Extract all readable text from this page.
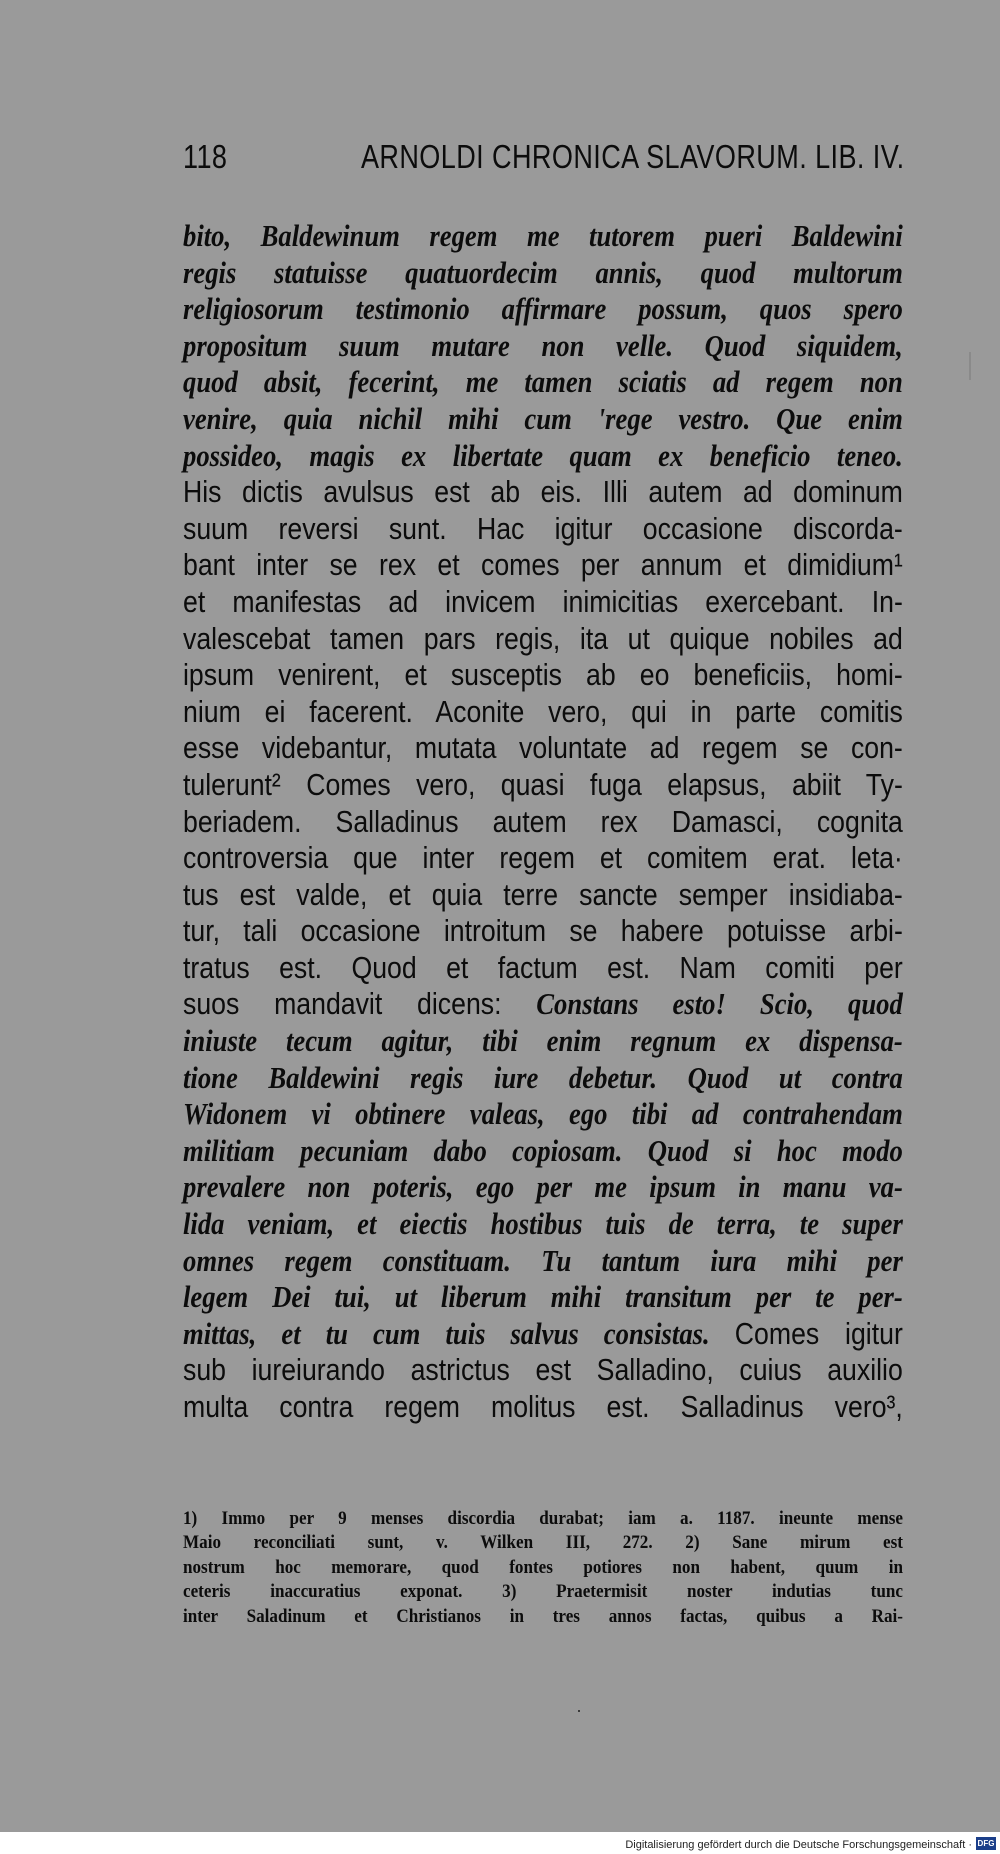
118	ARNOLDI CHRONICA SLAVORUM. LIB. IV.
bito, Baldewinum regem me tutorem pueri Baldewini
regis statuisse quatuordecim annis, quod multorum
religiosorum testimonio affirmare possum, quos spero
propositum suum mutare non velle. Quod siquidem,
quod absit, fecerint, me tamen sciatis ad regem non
venire, quia nichil mihi cum 'rege vestro. Que enim
possideo, magis ex libertate quam ex beneficio teneo.
His dictis avulsus est ab eis. Illi autem ad dominum
suum reversi sunt. Hac igitur occasione discorda-
bant inter se rex et comes per annum et dimidium¹
et manifestas ad invicem inimicitias exercebant. In-
valescebat tamen pars regis, ita ut quique nobiles ad
ipsum venirent, et susceptis ab eo beneficiis, homi-
nium ei facerent. Aconite vero, qui in parte comitis
esse videbantur, mutata voluntate ad regem se con-
tulerunt² Comes vero, quasi fuga elapsus, abiit Ty-
beriadem. Salladinus autem rex Damasci, cognita
controversia que inter regem et comitem erat. leta·
tus est valde, et quia terre sancte semper insidiaba-
tur, tali occasione introitum se habere potuisse arbi-
tratus est. Quod et factum est. Nam comiti per
suos mandavit dicens: Constans esto! Scio, quod
iniuste tecum agitur, tibi enim regnum ex dispensa-
tione Baldewini regis iure debetur. Quod ut contra
Widonem vi obtinere valeas, ego tibi ad contrahendam
militiam pecuniam dabo copiosam. Quod si hoc modo
prevalere non poteris, ego per me ipsum in manu va-
lida veniam, et eiectis hostibus tuis de terra, te super
omnes regem constituam. Tu tantum iura mihi per
legem Dei tui, ut liberum mihi transitum per te per-
mittas, et tu cum tuis salvus consistas. Comes igitur
sub iureiurando astrictus est Salladino, cuius auxilio
multa contra regem molitus est. Salladinus vero³,
1) Immo per 9 menses discordia durabat; iam a. 1187. ineunte mense
Maio reconciliati sunt, v. Wilken III, 272. 2) Sane mirum est
nostrum hoc memorare, quod fontes potiores non habent, quum in
ceteris inaccuratius exponat. 3) Praetermisit noster indutias tunc
inter Saladinum et Christianos in tres annos factas, quibus a Rai-
Digitalisierung gefördert durch die Deutsche Forschungsgemeinschaft · DFG
